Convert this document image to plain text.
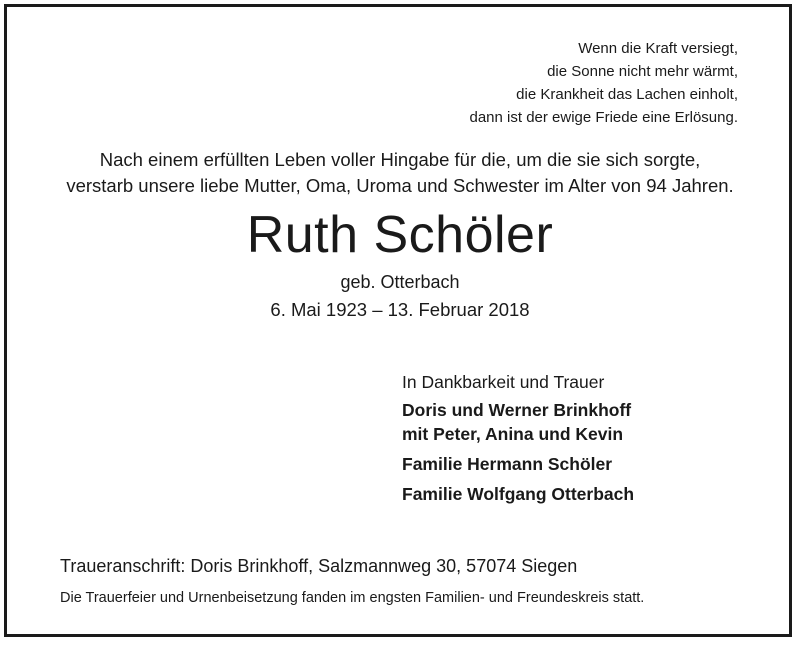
Wenn die Kraft versiegt,
die Sonne nicht mehr wärmt,
die Krankheit das Lachen einholt,
dann ist der ewige Friede eine Erlösung.
Nach einem erfüllten Leben voller Hingabe für die, um die sie sich sorgte,
verstarb unsere liebe Mutter, Oma, Uroma und Schwester im Alter von 94 Jahren.
Ruth Schöler
geb. Otterbach
6. Mai 1923 – 13. Februar 2018
In Dankbarkeit und Trauer
Doris und Werner Brinkhoff
mit Peter, Anina und Kevin
Familie Hermann Schöler
Familie Wolfgang Otterbach
Traueranschrift: Doris Brinkhoff, Salzmannweg 30, 57074 Siegen
Die Trauerfeier und Urnenbeisetzung fanden im engsten Familien- und Freundeskreis statt.
